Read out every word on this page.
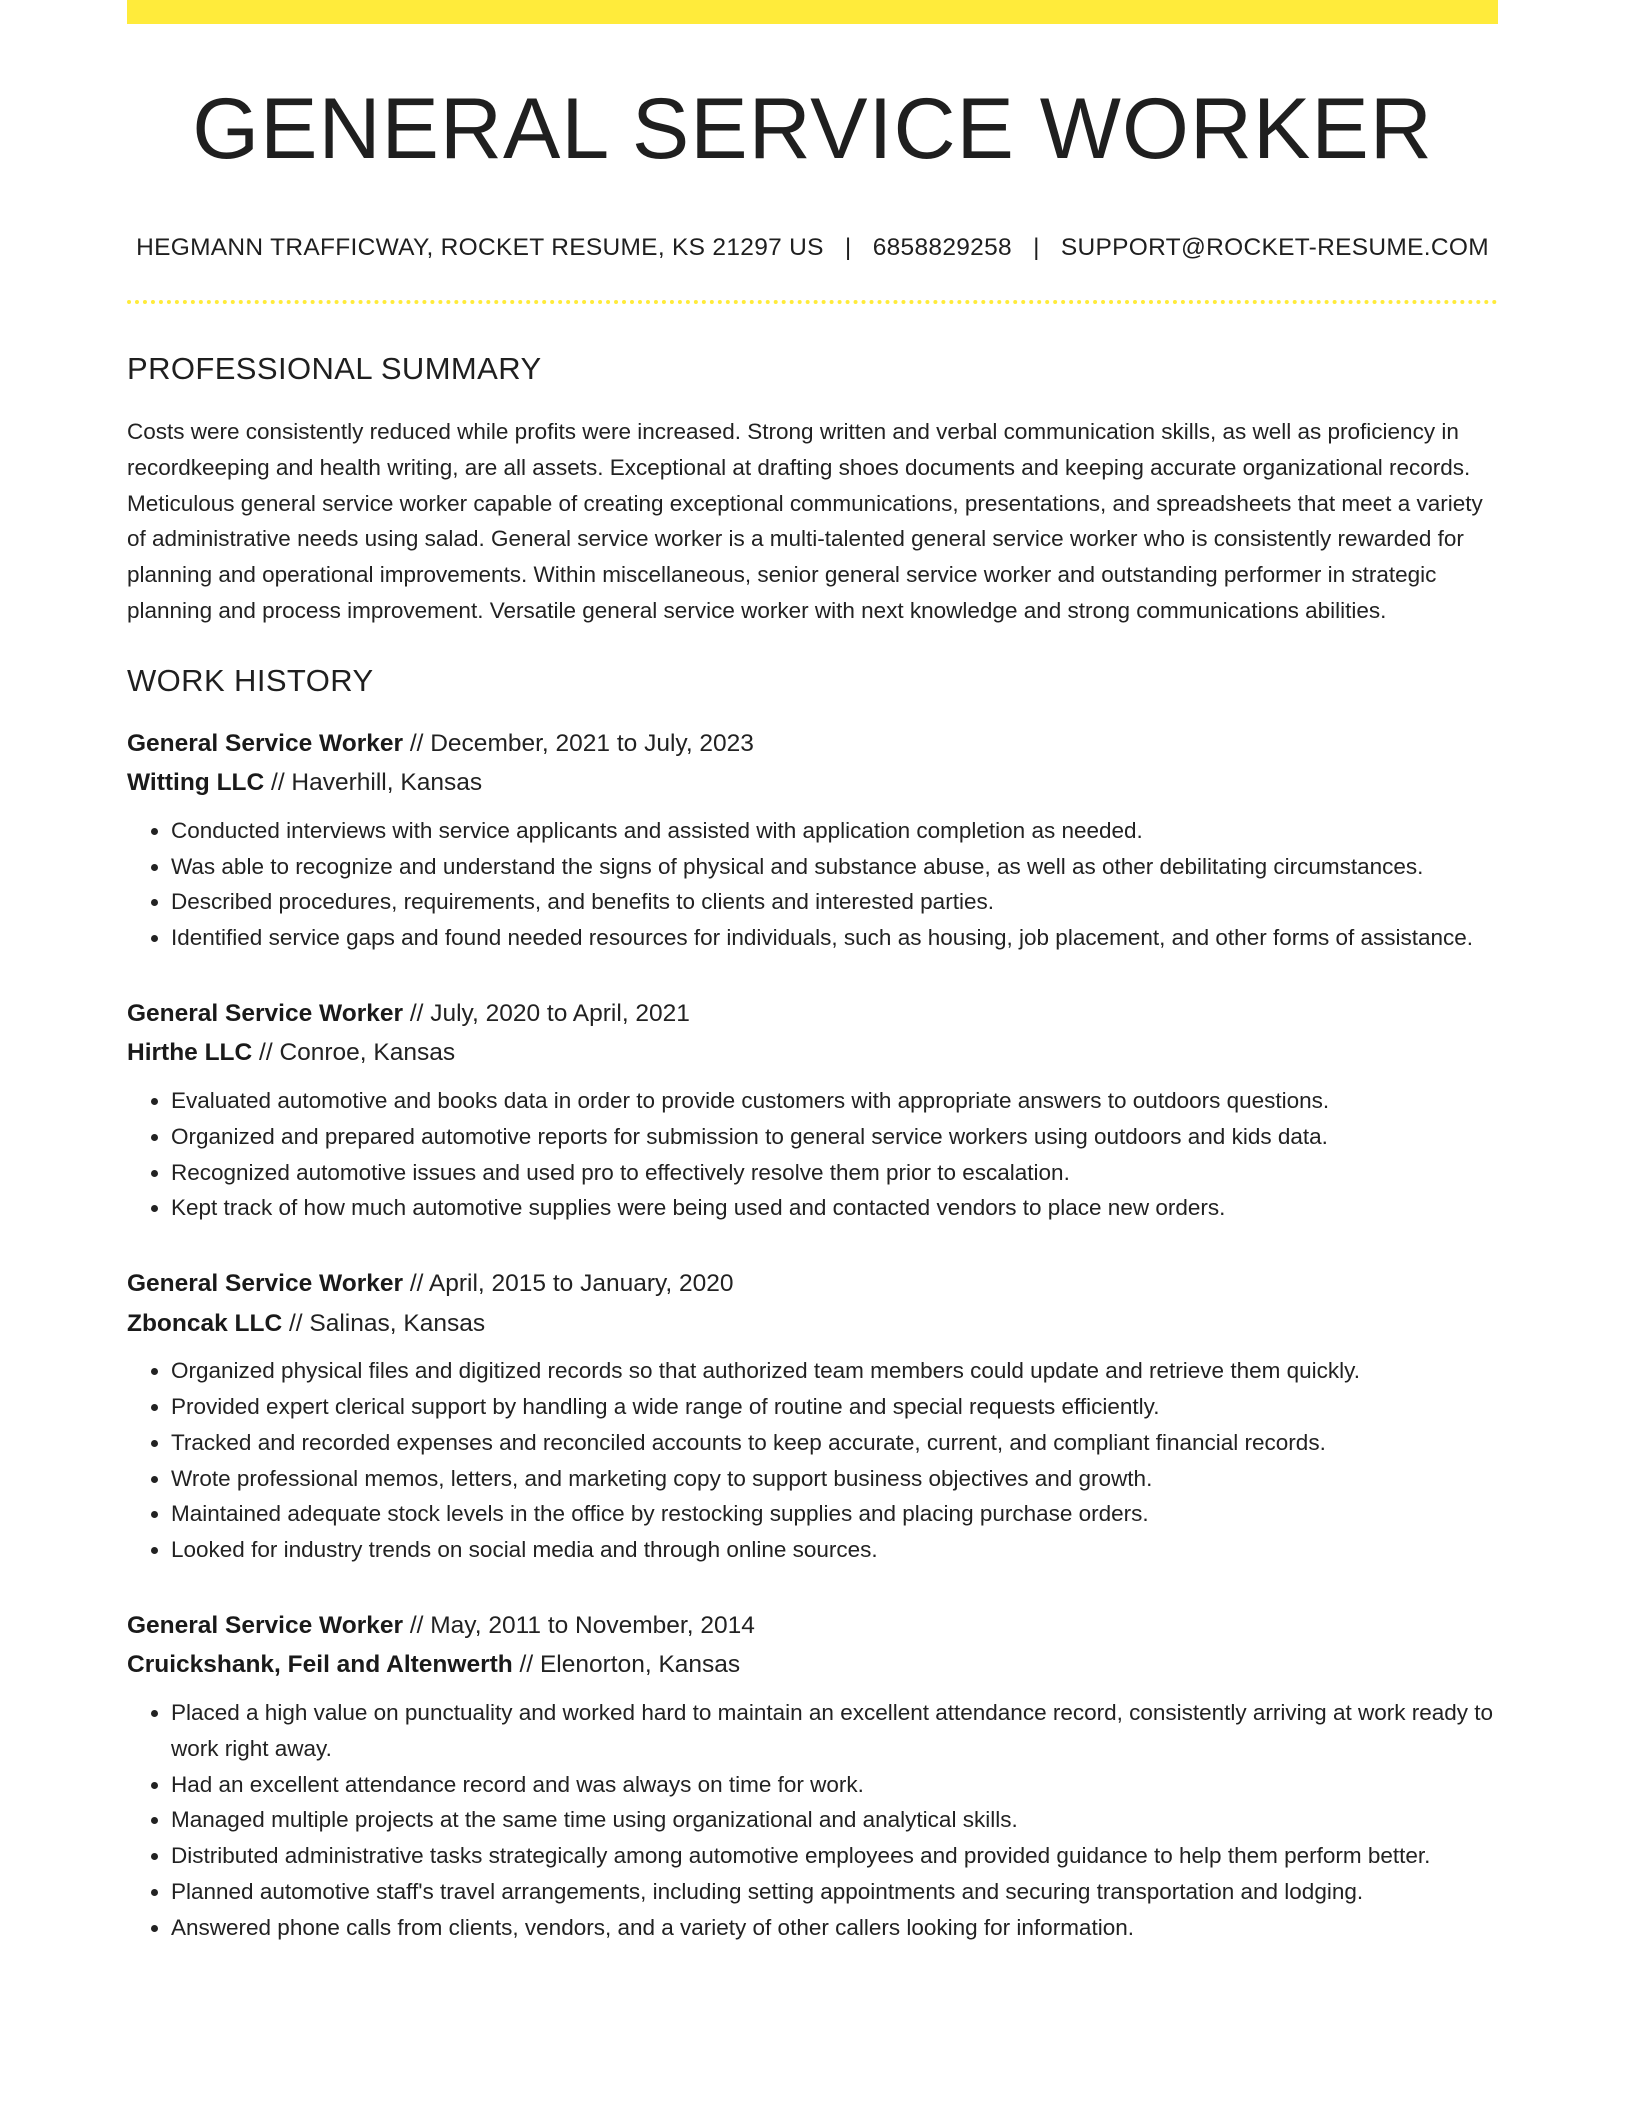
GENERAL SERVICE WORKER
HEGMANN TRAFFICWAY, ROCKET RESUME, KS 21297 US | 6858829258 | SUPPORT@ROCKET-RESUME.COM
PROFESSIONAL SUMMARY

Costs were consistently reduced while profits were increased. Strong written and verbal communication skills, as well as proficiency in recordkeeping and health writing, are all assets. Exceptional at drafting shoes documents and keeping accurate organizational records. Meticulous general service worker capable of creating exceptional communications, presentations, and spreadsheets that meet a variety of administrative needs using salad. General service worker is a multi-talented general service worker who is consistently rewarded for planning and operational improvements. Within miscellaneous, senior general service worker and outstanding performer in strategic planning and process improvement. Versatile general service worker with next knowledge and strong communications abilities.

WORK HISTORY
General Service Worker // December, 2021 to July, 2023
Witting LLC // Haverhill, Kansas
• Conducted interviews with service applicants and assisted with application completion as needed.
• Was able to recognize and understand the signs of physical and substance abuse, as well as other debilitating circumstances.
• Described procedures, requirements, and benefits to clients and interested parties.
• Identified service gaps and found needed resources for individuals, such as housing, job placement, and other forms of assistance.
General Service Worker // July, 2020 to April, 2021
Hirthe LLC // Conroe, Kansas
• Evaluated automotive and books data in order to provide customers with appropriate answers to outdoors questions.
• Organized and prepared automotive reports for submission to general service workers using outdoors and kids data.
• Recognized automotive issues and used pro to effectively resolve them prior to escalation.
• Kept track of how much automotive supplies were being used and contacted vendors to place new orders.
General Service Worker // April, 2015 to January, 2020
Zboncak LLC // Salinas, Kansas
• Organized physical files and digitized records so that authorized team members could update and retrieve them quickly.
• Provided expert clerical support by handling a wide range of routine and special requests efficiently.
• Tracked and recorded expenses and reconciled accounts to keep accurate, current, and compliant financial records.
• Wrote professional memos, letters, and marketing copy to support business objectives and growth.
• Maintained adequate stock levels in the office by restocking supplies and placing purchase orders.
• Looked for industry trends on social media and through online sources.
General Service Worker // May, 2011 to November, 2014
Cruickshank, Feil and Altenwerth // Elenorton, Kansas
• Placed a high value on punctuality and worked hard to maintain an excellent attendance record, consistently arriving at work ready to work right away.
• Had an excellent attendance record and was always on time for work.
• Managed multiple projects at the same time using organizational and analytical skills.
• Distributed administrative tasks strategically among automotive employees and provided guidance to help them perform better.
• Planned automotive staff's travel arrangements, including setting appointments and securing transportation and lodging.
• Answered phone calls from clients, vendors, and a variety of other callers looking for information.
